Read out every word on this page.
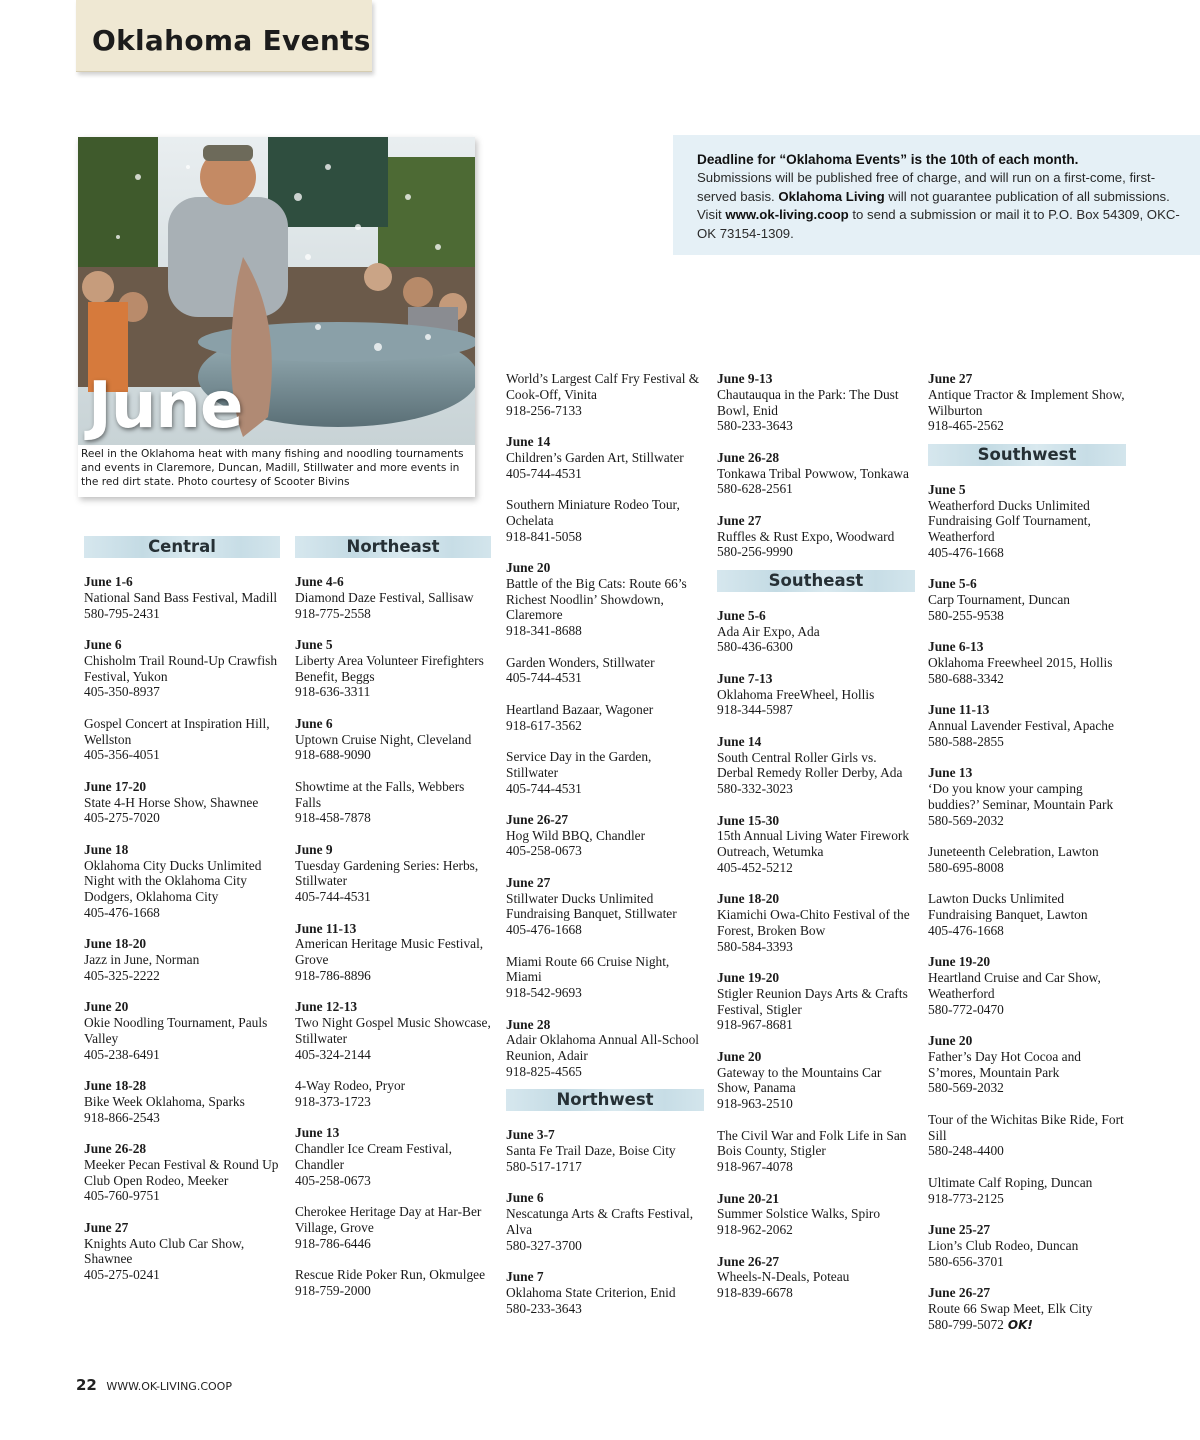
Oklahoma Events
Deadline for “Oklahoma Events” is the 10th of each month.
Submissions will be published free of charge, and will run on a first-come, first-served basis. Oklahoma Living will not guarantee publication of all submissions. Visit www.ok-living.coop to send a submission or mail it to P.O. Box 54309, OKC-OK 73154-1309.
June
Reel in the Oklahoma heat with many fishing and noodling tournaments and events in Claremore, Duncan, Madill, Stillwater and more events in the red dirt state. Photo courtesy of Scooter Bivins
Central
June 1-6
National Sand Bass Festival, Madill
580-795-2431
June 6
Chisholm Trail Round-Up Crawfish Festival, Yukon
405-350-8937
Gospel Concert at Inspiration Hill, Wellston
405-356-4051
June 17-20
State 4-H Horse Show, Shawnee
405-275-7020
June 18
Oklahoma City Ducks Unlimited Night with the Oklahoma City Dodgers, Oklahoma City
405-476-1668
June 18-20
Jazz in June, Norman
405-325-2222
June 20
Okie Noodling Tournament, Pauls Valley
405-238-6491
June 18-28
Bike Week Oklahoma, Sparks
918-866-2543
June 26-28
Meeker Pecan Festival & Round Up Club Open Rodeo, Meeker
405-760-9751
June 27
Knights Auto Club Car Show, Shawnee
405-275-0241
Northeast
June 4-6
Diamond Daze Festival, Sallisaw
918-775-2558
June 5
Liberty Area Volunteer Firefighters Benefit, Beggs
918-636-3311
June 6
Uptown Cruise Night, Cleveland
918-688-9090
Showtime at the Falls, Webbers Falls
918-458-7878
June 9
Tuesday Gardening Series: Herbs, Stillwater
405-744-4531
June 11-13
American Heritage Music Festival, Grove
918-786-8896
June 12-13
Two Night Gospel Music Showcase, Stillwater
405-324-2144
4-Way Rodeo, Pryor
918-373-1723
June 13
Chandler Ice Cream Festival, Chandler
405-258-0673
Cherokee Heritage Day at Har-Ber Village, Grove
918-786-6446
Rescue Ride Poker Run, Okmulgee
918-759-2000
World’s Largest Calf Fry Festival & Cook-Off, Vinita
918-256-7133
June 14
Children’s Garden Art, Stillwater
405-744-4531
Southern Miniature Rodeo Tour, Ochelata
918-841-5058
June 20
Battle of the Big Cats: Route 66’s Richest Noodlin’ Showdown, Claremore
918-341-8688
Garden Wonders, Stillwater
405-744-4531
Heartland Bazaar, Wagoner
918-617-3562
Service Day in the Garden, Stillwater
405-744-4531
June 26-27
Hog Wild BBQ, Chandler
405-258-0673
June 27
Stillwater Ducks Unlimited Fundraising Banquet, Stillwater
405-476-1668
Miami Route 66 Cruise Night, Miami
918-542-9693
June 28
Adair Oklahoma Annual All-School Reunion, Adair
918-825-4565
Northwest
June 3-7
Santa Fe Trail Daze, Boise City
580-517-1717
June 6
Nescatunga Arts & Crafts Festival, Alva
580-327-3700
June 7
Oklahoma State Criterion, Enid
580-233-3643
June 9-13
Chautauqua in the Park: The Dust Bowl, Enid
580-233-3643
June 26-28
Tonkawa Tribal Powwow, Tonkawa
580-628-2561
June 27
Ruffles & Rust Expo, Woodward
580-256-9990
Southeast
June 5-6
Ada Air Expo, Ada
580-436-6300
June 7-13
Oklahoma FreeWheel, Hollis
918-344-5987
June 14
South Central Roller Girls vs. Derbal Remedy Roller Derby, Ada
580-332-3023
June 15-30
15th Annual Living Water Firework Outreach, Wetumka
405-452-5212
June 18-20
Kiamichi Owa-Chito Festival of the Forest, Broken Bow
580-584-3393
June 19-20
Stigler Reunion Days Arts & Crafts Festival, Stigler
918-967-8681
June 20
Gateway to the Mountains Car Show, Panama
918-963-2510
The Civil War and Folk Life in San Bois County, Stigler
918-967-4078
June 20-21
Summer Solstice Walks, Spiro
918-962-2062
June 26-27
Wheels-N-Deals, Poteau
918-839-6678
June 27
Antique Tractor & Implement Show, Wilburton
918-465-2562
Southwest
June 5
Weatherford Ducks Unlimited Fundraising Golf Tournament, Weatherford
405-476-1668
June 5-6
Carp Tournament, Duncan
580-255-9538
June 6-13
Oklahoma Freewheel 2015, Hollis
580-688-3342
June 11-13
Annual Lavender Festival, Apache
580-588-2855
June 13
‘Do you know your camping buddies?’ Seminar, Mountain Park
580-569-2032
Juneteenth Celebration, Lawton
580-695-8008
Lawton Ducks Unlimited Fundraising Banquet, Lawton
405-476-1668
June 19-20
Heartland Cruise and Car Show, Weatherford
580-772-0470
June 20
Father’s Day Hot Cocoa and S’mores, Mountain Park
580-569-2032
Tour of the Wichitas Bike Ride, Fort Sill
580-248-4400
Ultimate Calf Roping, Duncan
918-773-2125
June 25-27
Lion’s Club Rodeo, Duncan
580-656-3701
June 26-27
Route 66 Swap Meet, Elk City
580-799-5072 OK!
22 WWW.OK-LIVING.COOP
